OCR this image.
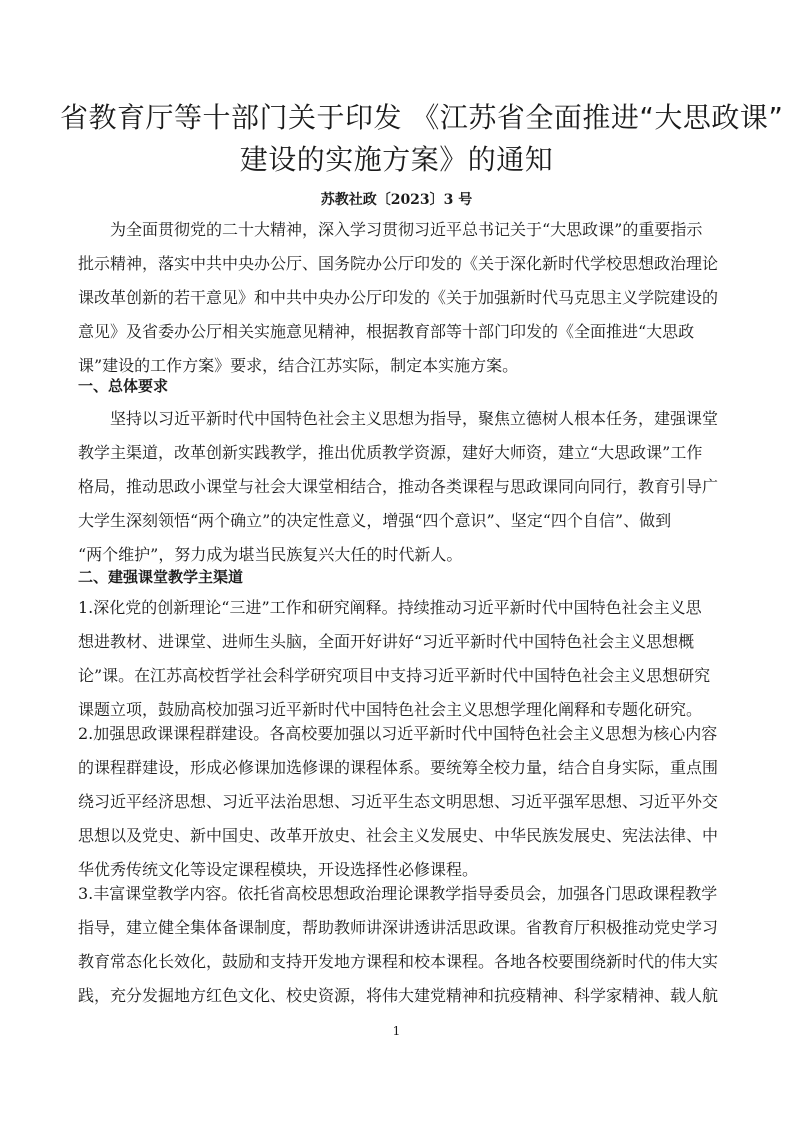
省教育厅等十部门关于印发 《江苏省全面推进“大思政课”
建设的实施方案》的通知

苏教社政〔2023〕3 号

为全面贯彻党的二十大精神，深入学习贯彻习近平总书记关于“大思政课”的重要指示

批示精神，落实中共中央办公厅、国务院办公厅印发的《关于深化新时代学校思想政治理论

课改革创新的若干意见》和中共中央办公厅印发的《关于加强新时代马克思主义学院建设的

意见》及省委办公厅相关实施意见精神，根据教育部等十部门印发的《全面推进“大思政

课”建设的工作方案》要求，结合江苏实际，制定本实施方案。

一、总体要求

坚持以习近平新时代中国特色社会主义思想为指导，聚焦立德树人根本任务，建强课堂

教学主渠道，改革创新实践教学，推出优质教学资源，建好大师资，建立“大思政课”工作

格局，推动思政小课堂与社会大课堂相结合，推动各类课程与思政课同向同行，教育引导广

大学生深刻领悟“两个确立”的决定性意义，增强“四个意识”、坚定“四个自信”、做到

“两个维护”，努力成为堪当民族复兴大任的时代新人。

二、建强课堂教学主渠道

1.深化党的创新理论“三进”工作和研究阐释。持续推动习近平新时代中国特色社会主义思

想进教材、进课堂、进师生头脑，全面开好讲好“习近平新时代中国特色社会主义思想概

论”课。在江苏高校哲学社会科学研究项目中支持习近平新时代中国特色社会主义思想研究

课题立项，鼓励高校加强习近平新时代中国特色社会主义思想学理化阐释和专题化研究。

2.加强思政课课程群建设。各高校要加强以习近平新时代中国特色社会主义思想为核心内容

的课程群建设，形成必修课加选修课的课程体系。要统筹全校力量，结合自身实际，重点围

绕习近平经济思想、习近平法治思想、习近平生态文明思想、习近平强军思想、习近平外交

思想以及党史、新中国史、改革开放史、社会主义发展史、中华民族发展史、宪法法律、中

华优秀传统文化等设定课程模块，开设选择性必修课程。

3.丰富课堂教学内容。依托省高校思想政治理论课教学指导委员会，加强各门思政课程教学

指导，建立健全集体备课制度，帮助教师讲深讲透讲活思政课。省教育厅积极推动党史学习

教育常态化长效化，鼓励和支持开发地方课程和校本课程。各地各校要围绕新时代的伟大实

践，充分发掘地方红色文化、校史资源，将伟大建党精神和抗疫精神、科学家精神、载人航

1
